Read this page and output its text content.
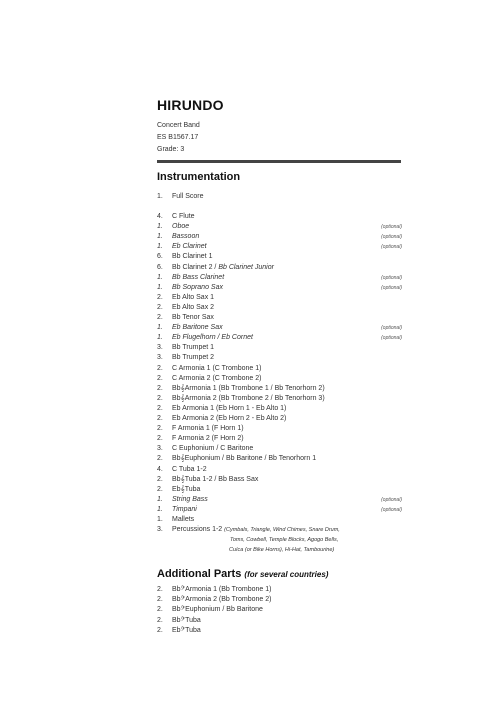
HIRUNDO
Concert Band
ES B1567.17
Grade: 3
Instrumentation
1. Full Score
4. C Flute
1. Oboe	(optional)
1. Bassoon	(optional)
1. Eb Clarinet	(optional)
6. Bb Clarinet 1
6. Bb Clarinet 2 / Bb Clarinet Junior
1. Bb Bass Clarinet	(optional)
1. Bb Soprano Sax	(optional)
2. Eb Alto Sax 1
2. Eb Alto Sax 2
2. Bb Tenor Sax
1. Eb Baritone Sax	(optional)
1. Eb Flugelhorn / Eb Cornet	(optional)
3. Bb Trumpet 1
3. Bb Trumpet 2
2. C Armonia 1 (C Trombone 1)
2. C Armonia 2 (C Trombone 2)
2. Bb𝄞Armonia 1 (Bb Trombone 1 / Bb Tenorhorn 2)
2. Bb𝄞Armonia 2 (Bb Trombone 2 / Bb Tenorhorn 3)
2. Eb Armonia 1 (Eb Horn 1 - Eb Alto 1)
2. Eb Armonia 2 (Eb Horn 2 - Eb Alto 2)
2. F Armonia 1 (F Horn 1)
2. F Armonia 2 (F Horn 2)
3. C Euphonium / C Baritone
2. Bb𝄞Euphonium / Bb Baritone / Bb Tenorhorn 1
4. C Tuba 1-2
2. Bb𝄞Tuba 1-2 / Bb Bass Sax
2. Eb𝄞Tuba
1. String Bass	(optional)
1. Timpani	(optional)
1. Mallets
3. Percussions 1-2 (Cymbals, Triangle, Wind Chimes, Snare Drum,
Toms, Cowbell, Temple Blocks, Agogo Bells,
Cuíca (or Bike Horns), Hi-Hat, Tambourine)
Additional Parts (for several countries)
2. Bb𝄢Armonia 1 (Bb Trombone 1)
2. Bb𝄢Armonia 2 (Bb Trombone 2)
2. Bb𝄢Euphonium / Bb Baritone
2. Bb𝄢Tuba
2. Eb𝄢Tuba
